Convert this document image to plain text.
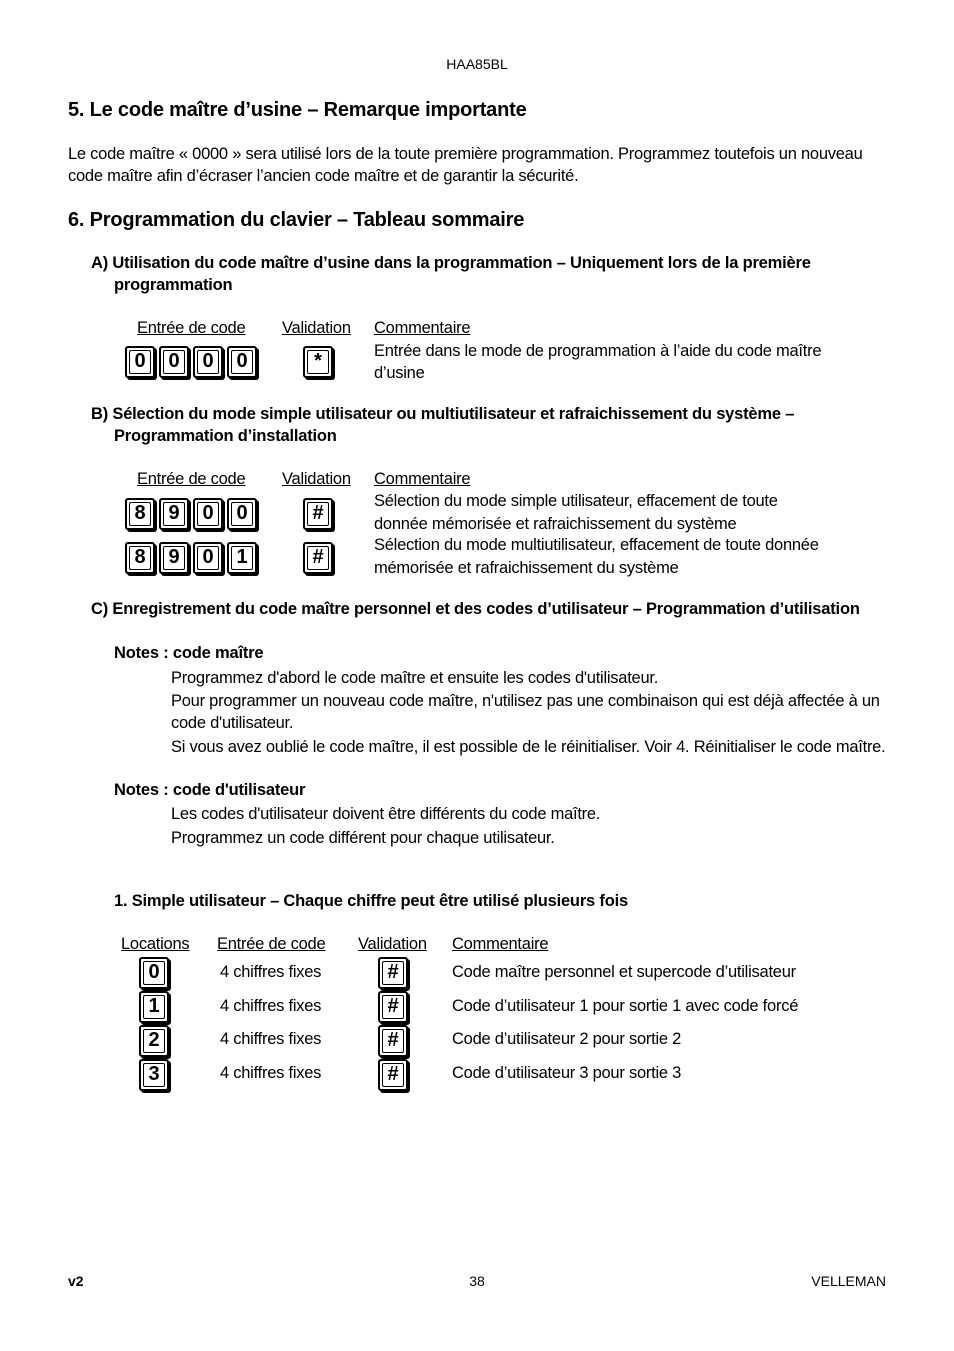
HAA85BL
5. Le code maître d’usine – Remarque importante
Le code maître « 0000 » sera utilisé lors de la toute première programmation. Programmez toutefois un nouveau
code maître afin d’écraser l’ancien code maître et de garantir la sécurité.
6. Programmation du clavier – Tableau sommaire
A) Utilisation du code maître d’usine dans la programmation – Uniquement lors de la première
programmation
Entrée de code Validation Commentaire
0	0	0	0	*	Entrée dans le mode de programmation à l’aide du code maître
d’usine
B) Sélection du mode simple utilisateur ou multiutilisateur et rafraichissement du système –
Programmation d’installation
Entrée de code Validation Commentaire
8	9	0	0	#
Sélection du mode simple utilisateur, effacement de toute
donnée mémorisée et rafraichissement du système
8	9	0	1	#
Sélection du mode multiutilisateur, effacement de toute donnée
mémorisée et rafraichissement du système
C) Enregistrement du code maître personnel et des codes d’utilisateur – Programmation d’utilisation
Notes : code maître
Programmez d'abord le code maître et ensuite les codes d'utilisateur.
Pour programmer un nouveau code maître, n'utilisez pas une combinaison qui est déjà affectée à un
code d'utilisateur.
Si vous avez oublié le code maître, il est possible de le réinitialiser. Voir 4. Réinitialiser le code maître.
Notes : code d'utilisateur
Les codes d'utilisateur doivent être différents du code maître.
Programmez un code différent pour chaque utilisateur.
1. Simple utilisateur – Chaque chiffre peut être utilisé plusieurs fois
Locations Entrée de code Validation Commentaire
0	4 chiffres fixes	#	Code maître personnel et supercode d’utilisateur
1	4 chiffres fixes	#	Code d’utilisateur 1 pour sortie 1 avec code forcé
2	4 chiffres fixes	#	Code d’utilisateur 2 pour sortie 2
3	4 chiffres fixes	#	Code d’utilisateur 3 pour sortie 3
v2	38	VELLEMAN
